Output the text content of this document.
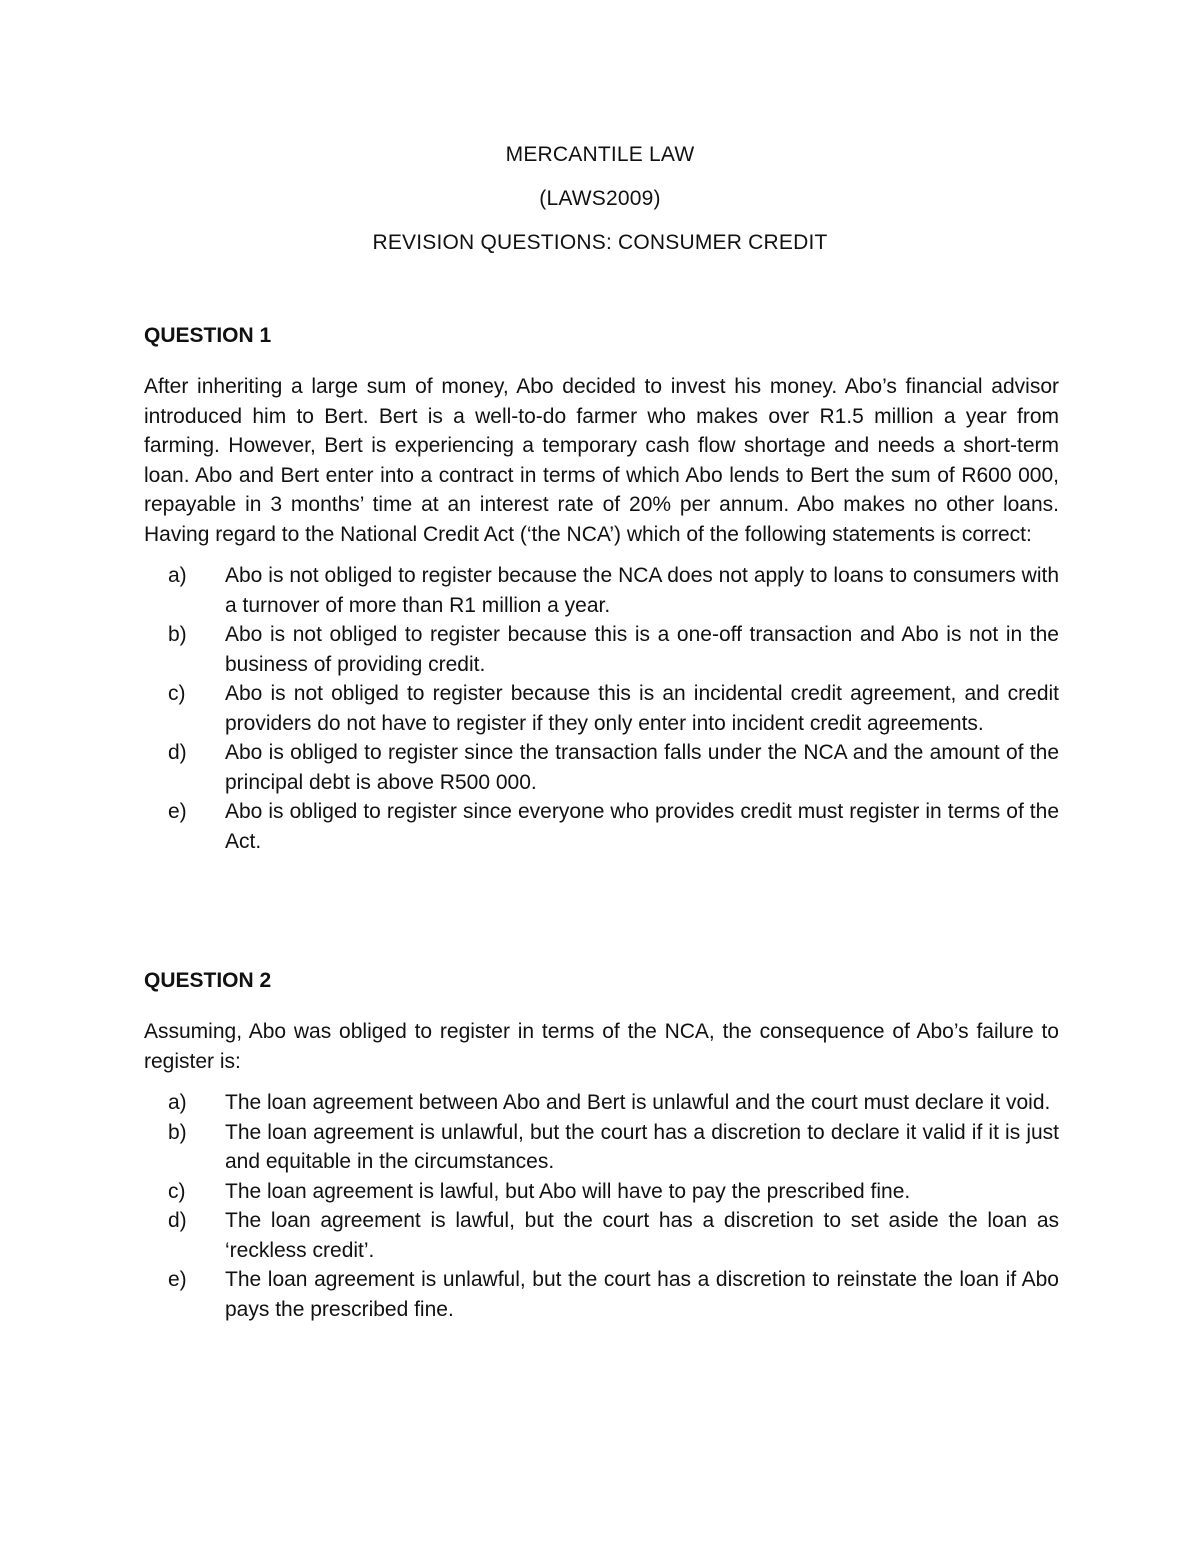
MERCANTILE LAW
(LAWS2009)
REVISION QUESTIONS: CONSUMER CREDIT
QUESTION 1
After inheriting a large sum of money, Abo decided to invest his money. Abo’s financial advisor introduced him to Bert. Bert is a well-to-do farmer who makes over R1.5 million a year from farming. However, Bert is experiencing a temporary cash flow shortage and needs a short-term loan. Abo and Bert enter into a contract in terms of which Abo lends to Bert the sum of R600 000, repayable in 3 months’ time at an interest rate of 20% per annum. Abo makes no other loans. Having regard to the National Credit Act (‘the NCA’) which of the following statements is correct:
a)	Abo is not obliged to register because the NCA does not apply to loans to consumers with a turnover of more than R1 million a year.
b)	Abo is not obliged to register because this is a one-off transaction and Abo is not in the business of providing credit.
c)	Abo is not obliged to register because this is an incidental credit agreement, and credit providers do not have to register if they only enter into incident credit agreements.
d)	Abo is obliged to register since the transaction falls under the NCA and the amount of the principal debt is above R500 000.
e)	Abo is obliged to register since everyone who provides credit must register in terms of the Act.
QUESTION 2
Assuming, Abo was obliged to register in terms of the NCA, the consequence of Abo’s failure to register is:
a)	The loan agreement between Abo and Bert is unlawful and the court must declare it void.
b)	The loan agreement is unlawful, but the court has a discretion to declare it valid if it is just and equitable in the circumstances.
c)	The loan agreement is lawful, but Abo will have to pay the prescribed fine.
d)	The loan agreement is lawful, but the court has a discretion to set aside the loan as ‘reckless credit’.
e)	The loan agreement is unlawful, but the court has a discretion to reinstate the loan if Abo pays the prescribed fine.
